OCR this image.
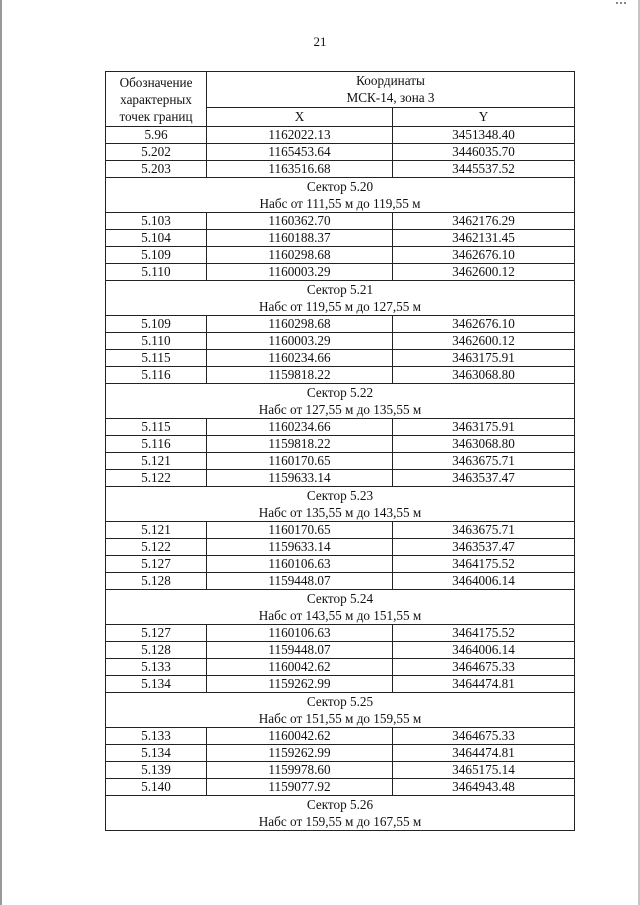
21
Обозначение характерных точек границ	Координаты
МСК-14, зона 3	

	X	Y
5.96	1162022.13	3451348.40
5.202	1165453.64	3446035.70
5.203	1163516.68	3445537.52

Сектор 5.20
Набс от 111,55 м до 119,55 м		

5.103	1160362.70	3462176.29
5.104	1160188.37	3462131.45
5.109	1160298.68	3462676.10
5.110	1160003.29	3462600.12

Сектор 5.21
Набс от 119,55 м до 127,55 м		

5.109	1160298.68	3462676.10
5.110	1160003.29	3462600.12
5.115	1160234.66	3463175.91
5.116	1159818.22	3463068.80

Сектор 5.22
Набс от 127,55 м до 135,55 м		

5.115	1160234.66	3463175.91
5.116	1159818.22	3463068.80
5.121	1160170.65	3463675.71
5.122	1159633.14	3463537.47

Сектор 5.23
Набс от 135,55 м до 143,55 м		

5.121	1160170.65	3463675.71
5.122	1159633.14	3463537.47
5.127	1160106.63	3464175.52
5.128	1159448.07	3464006.14

Сектор 5.24
Набс от 143,55 м до 151,55 м		

5.127	1160106.63	3464175.52
5.128	1159448.07	3464006.14
5.133	1160042.62	3464675.33
5.134	1159262.99	3464474.81

Сектор 5.25
Набс от 151,55 м до 159,55 м		

5.133	1160042.62	3464675.33
5.134	1159262.99	3464474.81
5.139	1159978.60	3465175.14
5.140	1159077.92	3464943.48

Сектор 5.26
Набс от 159,55 м до 167,55 м		
